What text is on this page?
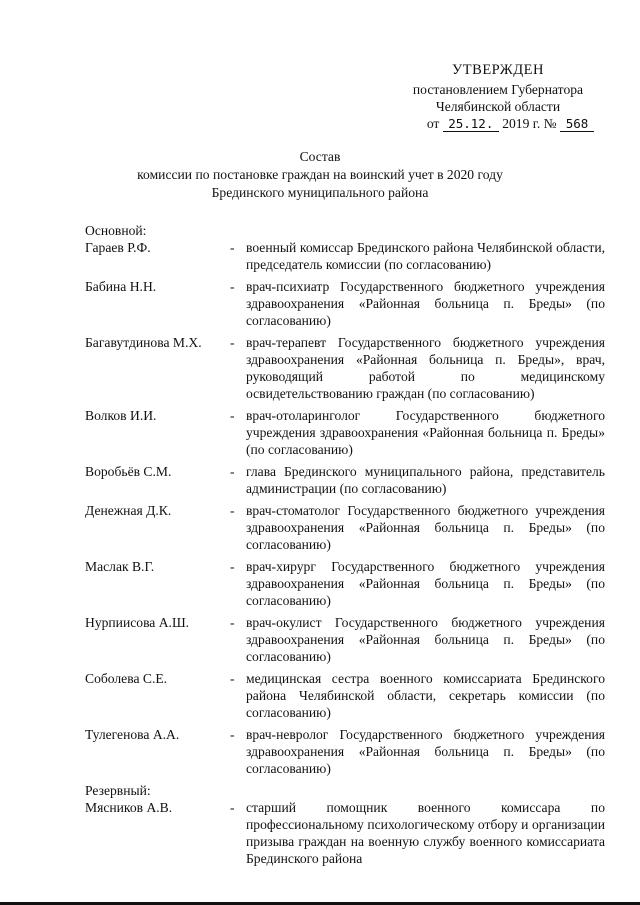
УТВЕРЖДЕН
постановлением Губернатора
Челябинской области
от 25.12. 2019 г. № 568
Состав
комиссии по постановке граждан на воинский учет в 2020 году
Брединского муниципального района
Основной:
Гараев Р.Ф.	- военный комиссар Брединского района Челябинской области, председатель комиссии (по согласованию)
Бабина Н.Н.	- врач-психиатр Государственного бюджетного учреждения здравоохранения «Районная больница п. Бреды» (по согласованию)
Багавутдинова М.Х.	- врач-терапевт Государственного бюджетного учреждения здравоохранения «Районная больница п. Бреды», врач, руководящий работой по медицинскому освидетельствованию граждан (по согласованию)
Волков И.И.	- врач-отоларинголог Государственного бюджетного учреждения здравоохранения «Районная больница п. Бреды» (по согласованию)
Воробьёв С.М.	- глава Брединского муниципального района, представитель администрации (по согласованию)
Денежная Д.К.	- врач-стоматолог Государственного бюджетного учреждения здравоохранения «Районная больница п. Бреды» (по согласованию)
Маслак В.Г.	- врач-хирург Государственного бюджетного учреждения здравоохранения «Районная больница п. Бреды» (по согласованию)
Нурпиисова А.Ш.	- врач-окулист Государственного бюджетного учреждения здравоохранения «Районная больница п. Бреды» (по согласованию)
Соболева С.Е.	- медицинская сестра военного комиссариата Брединского района Челябинской области, секретарь комиссии (по согласованию)
Тулегенова А.А.	- врач-невролог Государственного бюджетного учреждения здравоохранения «Районная больница п. Бреды» (по согласованию)
Резервный:
Мясников А.В.	- старший помощник военного комиссара по профессиональному психологическому отбору и организации призыва граждан на военную службу военного комиссариата Брединского района
